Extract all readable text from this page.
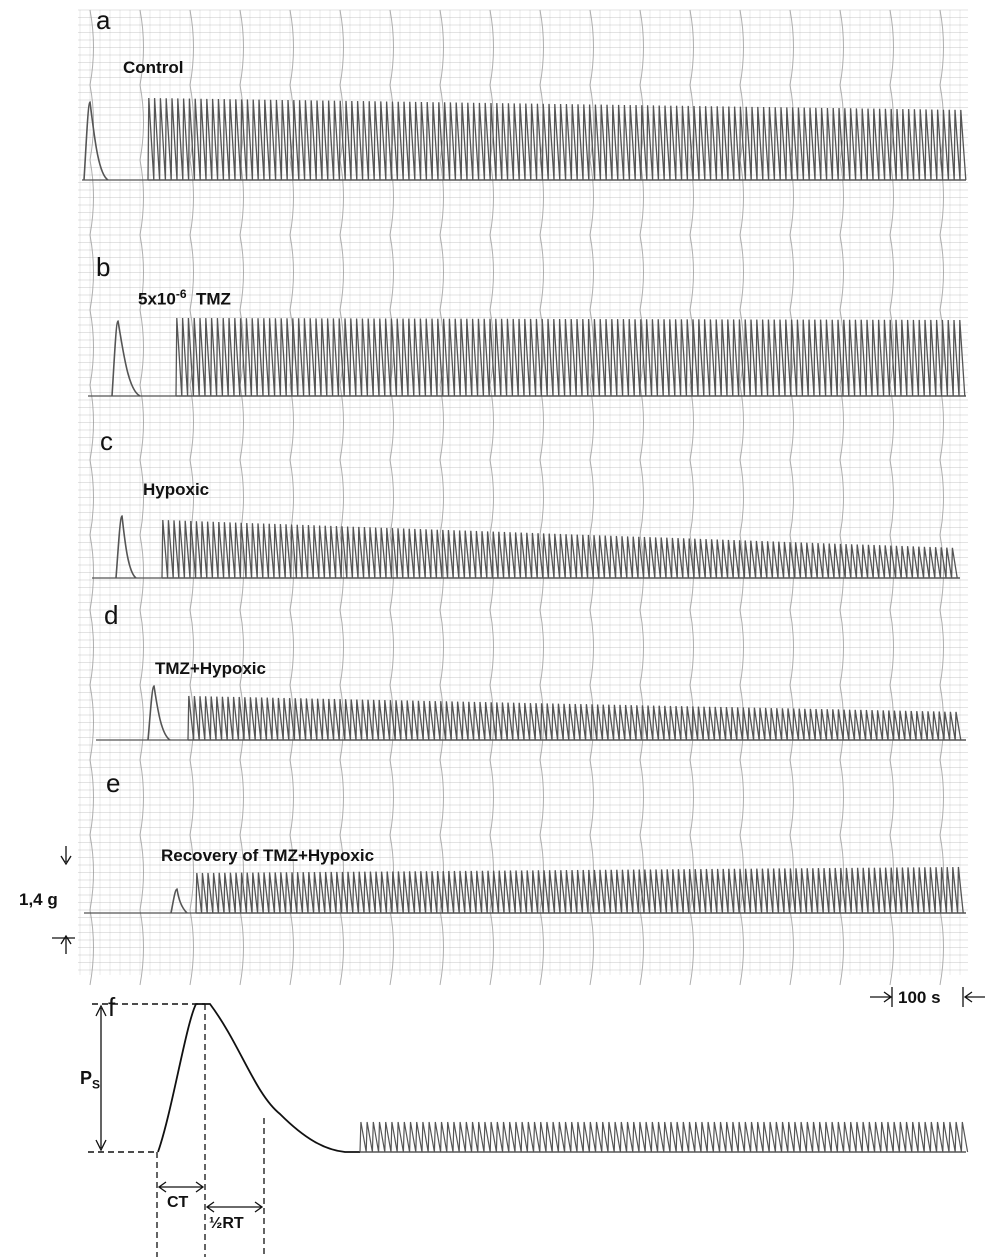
a
b
c
d
e
f
Control
$5x10^{-6}$  TMZ
Hypoxic
TMZ+Hypoxic
Recovery of TMZ+Hypoxic
1,4 g
100 s
$P_S$
CT
½RT
